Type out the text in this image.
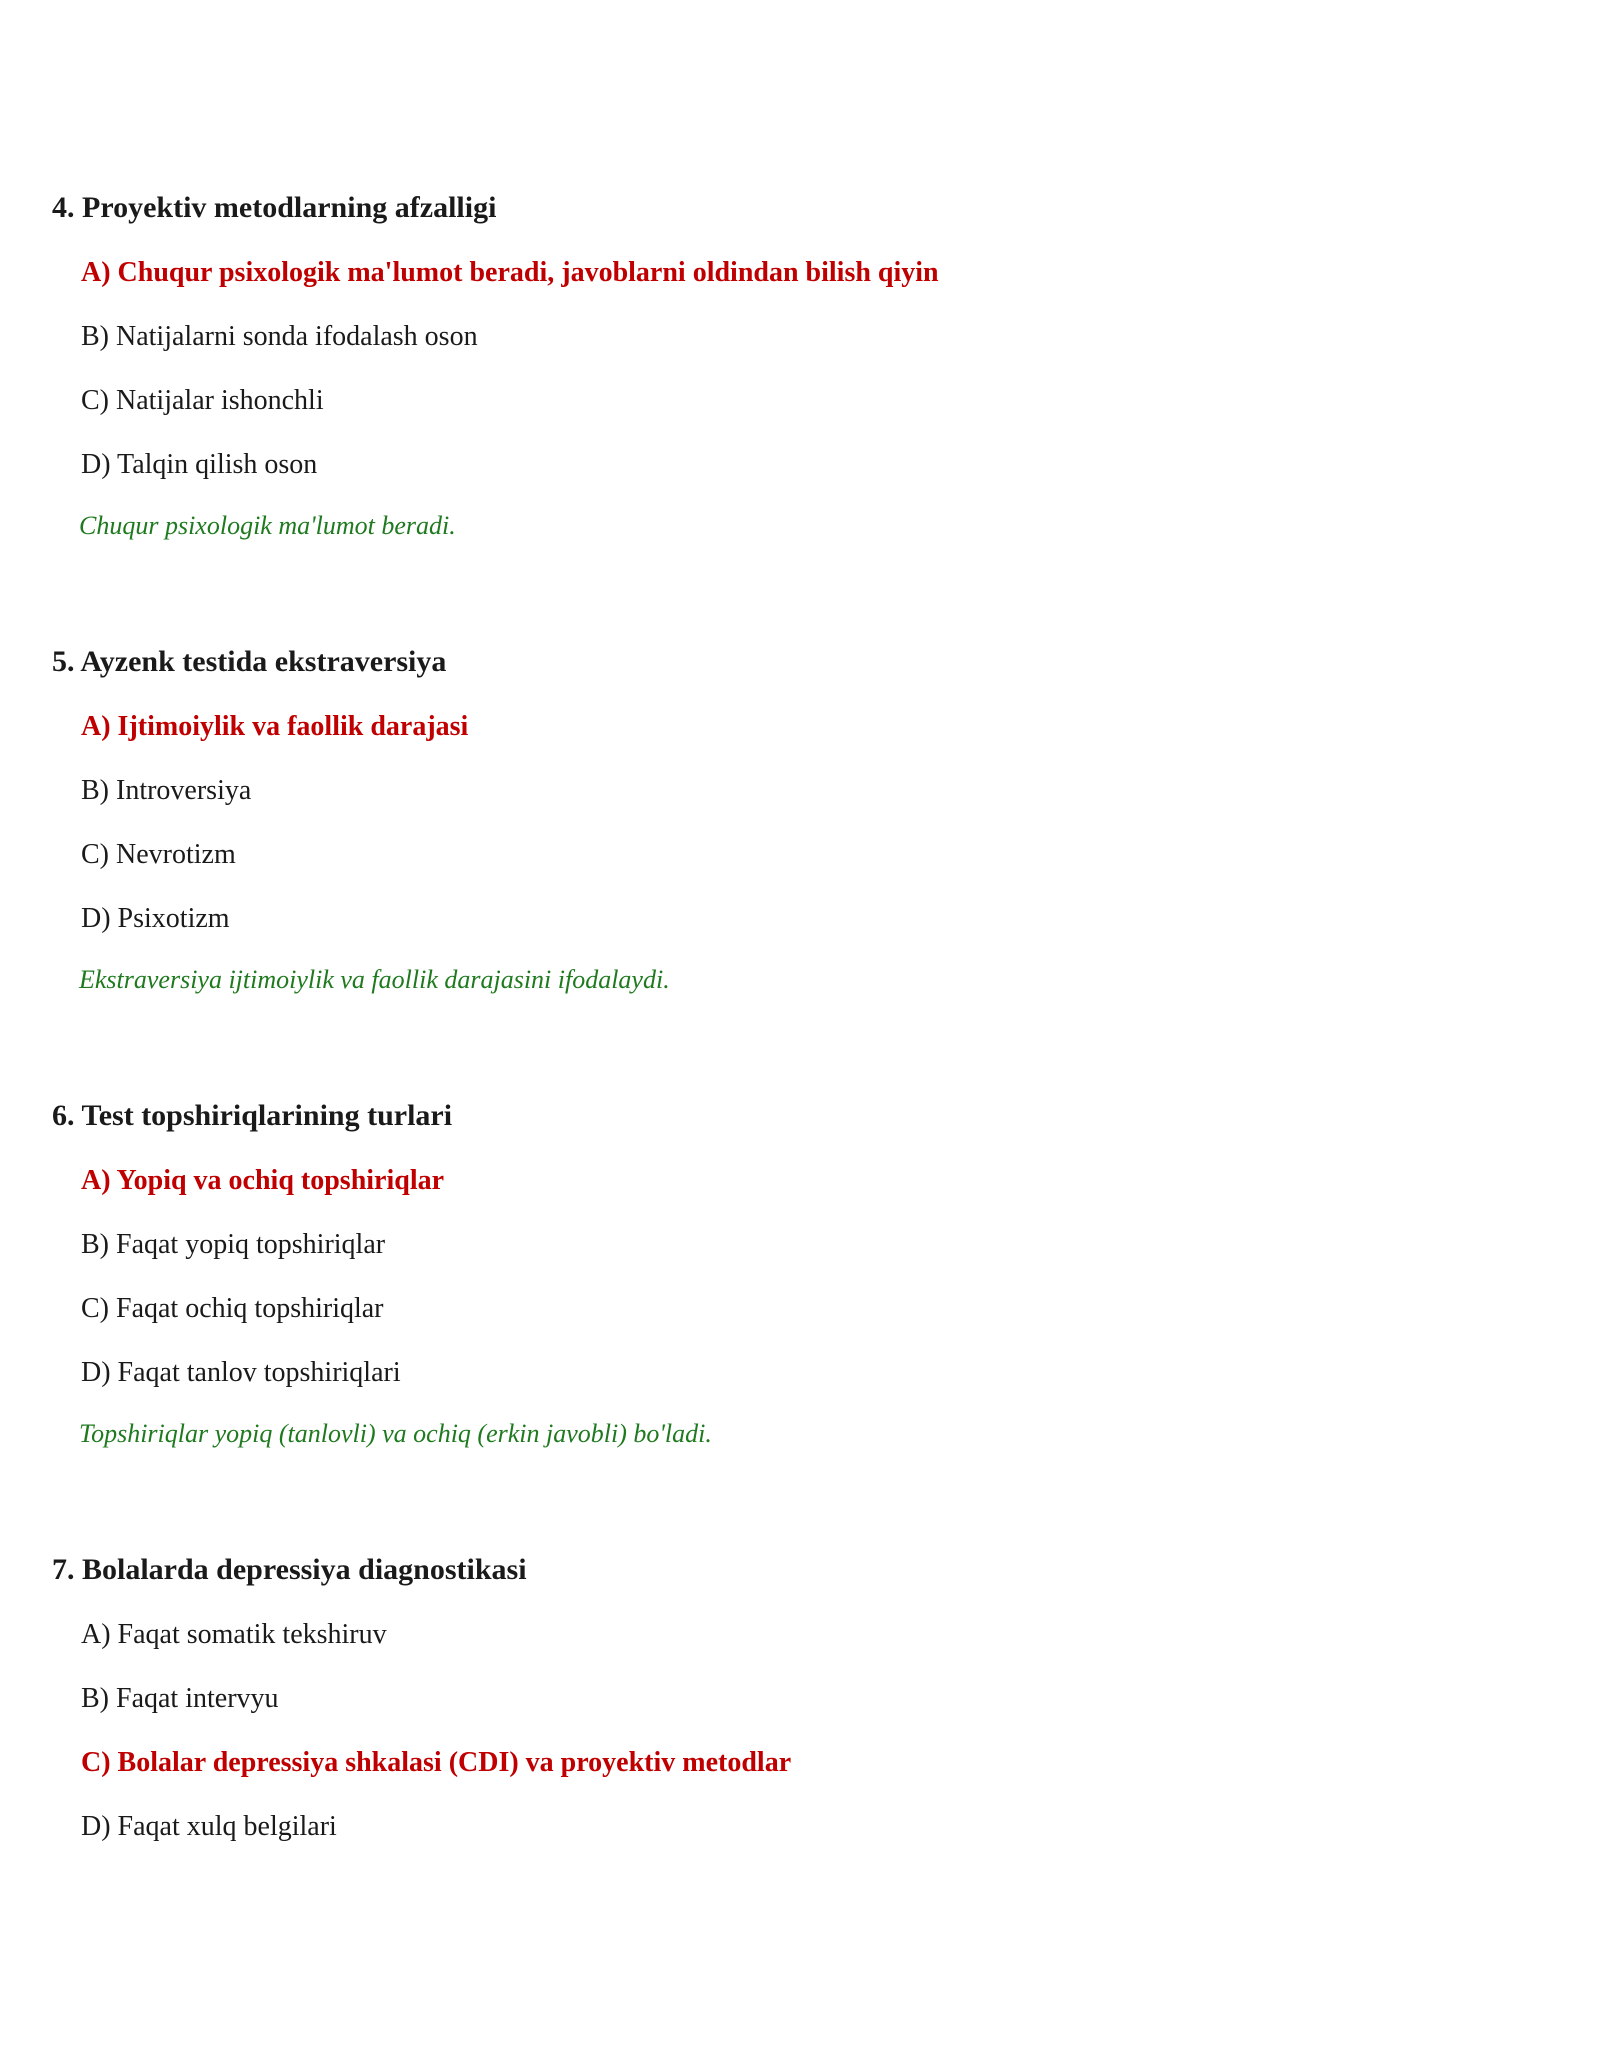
4. Proyektiv metodlarning afzalligi
A) Chuqur psixologik ma'lumot beradi, javoblarni oldindan bilish qiyin
B) Natijalarni sonda ifodalash oson
C) Natijalar ishonchli
D) Talqin qilish oson
Chuqur psixologik ma'lumot beradi.
5. Ayzenk testida ekstraversiya
A) Ijtimoiylik va faollik darajasi
B) Introversiya
C) Nevrotizm
D) Psixotizm
Ekstraversiya ijtimoiylik va faollik darajasini ifodalaydi.
6. Test topshiriqlarining turlari
A) Yopiq va ochiq topshiriqlar
B) Faqat yopiq topshiriqlar
C) Faqat ochiq topshiriqlar
D) Faqat tanlov topshiriqlari
Topshiriqlar yopiq (tanlovli) va ochiq (erkin javobli) bo'ladi.
7. Bolalarda depressiya diagnostikasi
A) Faqat somatik tekshiruv
B) Faqat intervyu
C) Bolalar depressiya shkalasi (CDI) va proyektiv metodlar
D) Faqat xulq belgilari
